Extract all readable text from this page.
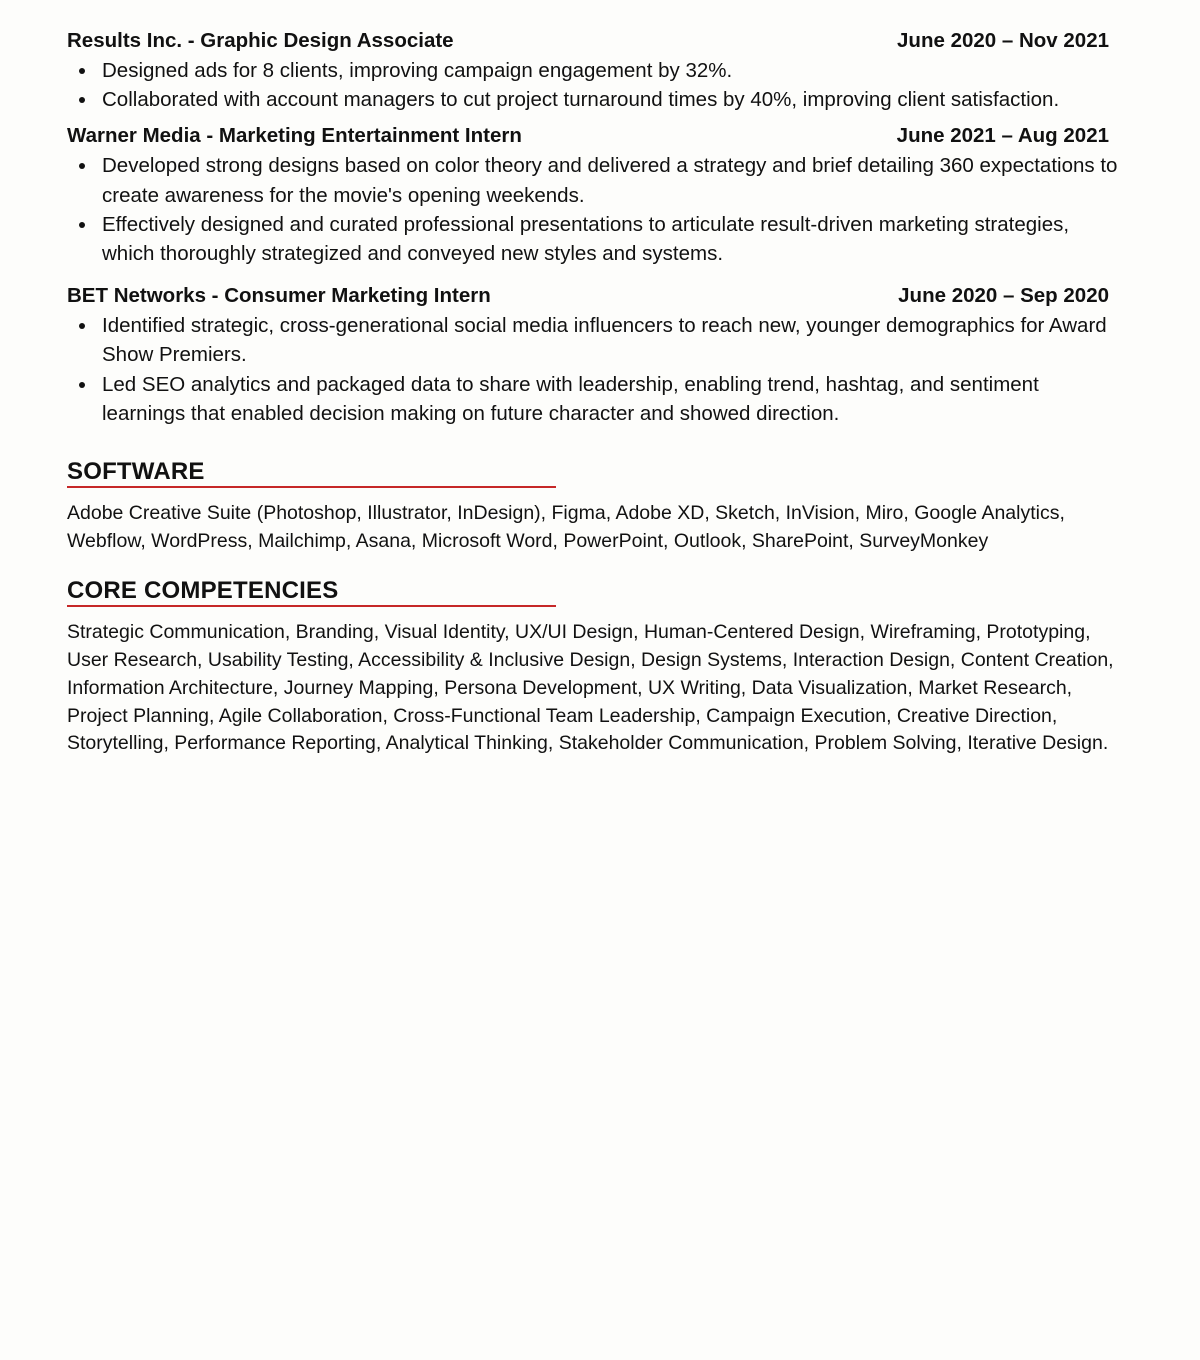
Results Inc. - Graphic Design Associate	June 2020 – Nov 2021
Designed ads for 8 clients, improving campaign engagement by 32%.
Collaborated with account managers to cut project turnaround times by 40%, improving client satisfaction.
Warner Media - Marketing Entertainment Intern	June 2021 – Aug 2021
Developed strong designs based on color theory and delivered a strategy and brief detailing 360 expectations to create awareness for the movie's opening weekends.
Effectively designed and curated professional presentations to articulate result-driven marketing strategies, which thoroughly strategized and conveyed new styles and systems.
BET Networks - Consumer Marketing Intern	June 2020 – Sep 2020
Identified strategic, cross-generational social media influencers to reach new, younger demographics for Award Show Premiers.
Led SEO analytics and packaged data to share with leadership, enabling trend, hashtag, and sentiment learnings that enabled decision making on future character and showed direction.
SOFTWARE
Adobe Creative Suite (Photoshop, Illustrator, InDesign), Figma, Adobe XD, Sketch, InVision, Miro, Google Analytics, Webflow, WordPress, Mailchimp, Asana, Microsoft Word, PowerPoint, Outlook, SharePoint, SurveyMonkey
CORE COMPETENCIES
Strategic Communication, Branding, Visual Identity, UX/UI Design, Human-Centered Design, Wireframing, Prototyping, User Research, Usability Testing, Accessibility & Inclusive Design, Design Systems, Interaction Design, Content Creation, Information Architecture, Journey Mapping, Persona Development, UX Writing, Data Visualization, Market Research, Project Planning, Agile Collaboration, Cross-Functional Team Leadership, Campaign Execution, Creative Direction, Storytelling, Performance Reporting, Analytical Thinking, Stakeholder Communication, Problem Solving, Iterative Design.
